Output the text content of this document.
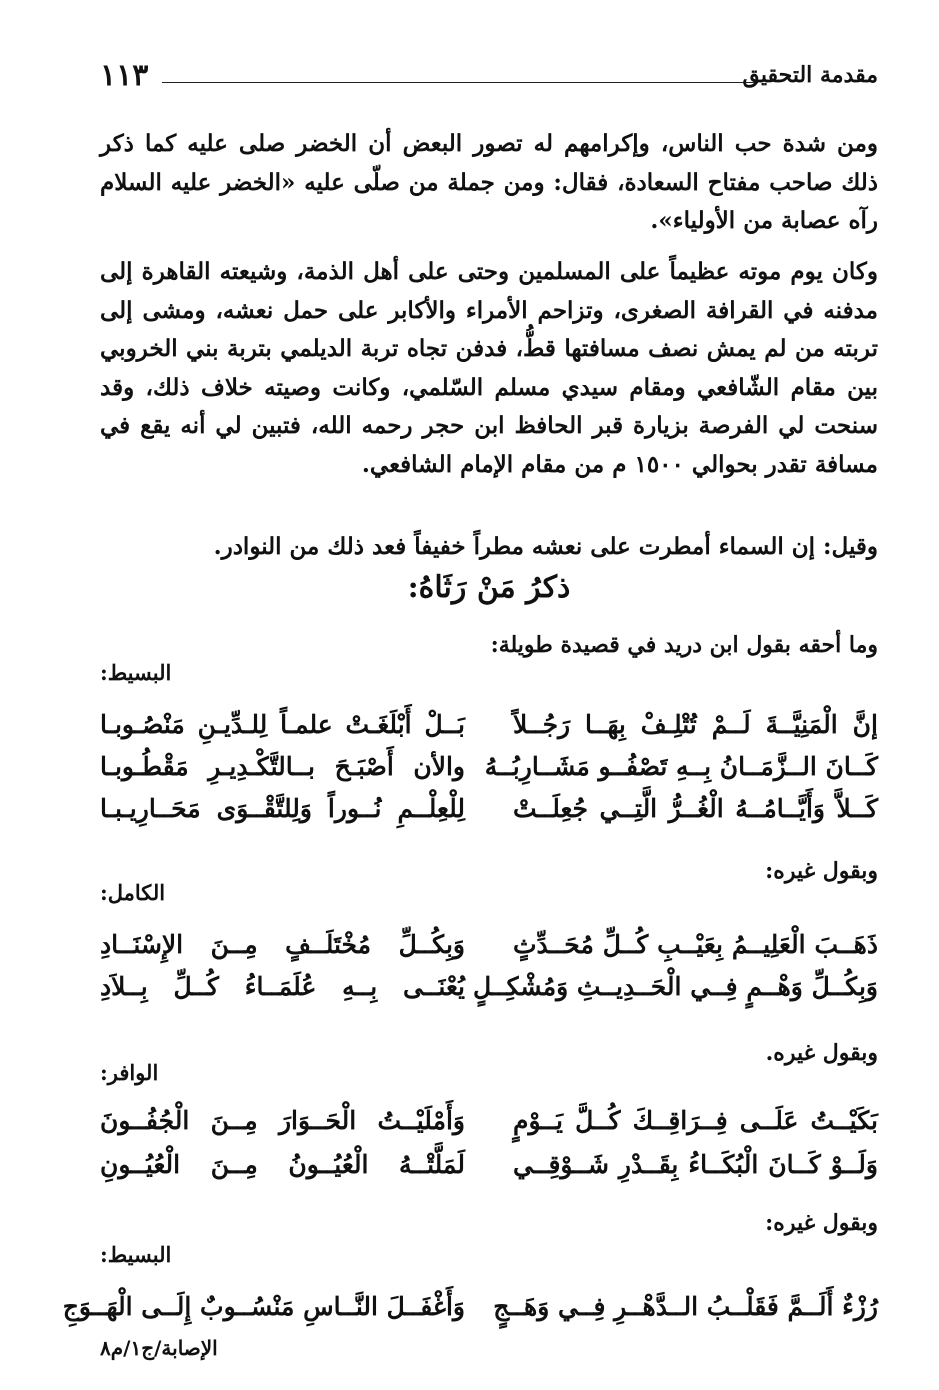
١١٣	مقدمة التحقيق
ومن شدة حب الناس، وإكرامهم له تصور البعض أن الخضر صلى عليه كما ذكر ذلك صاحب مفتاح السعادة، فقال: ومن جملة من صلّى عليه «الخضر عليه السلام رآه عصابة من الأولياء».
وكان يوم موته عظيماً على المسلمين وحتى على أهل الذمة، وشيعته القاهرة إلى مدفنه في القرافة الصغرى، وتزاحم الأمراء والأكابر على حمل نعشه، ومشى إلى تربته من لم يمش نصف مسافتها قطُّ، فدفن تجاه تربة الديلمي بتربة بني الخروبي بين مقام الشّافعي ومقام سيدي مسلم السّلمي، وكانت وصيته خلاف ذلك، وقد سنحت لي الفرصة بزيارة قبر الحافظ ابن حجر رحمه الله، فتبين لي أنه يقع في مسافة تقدر بحوالي ١٥٠٠ م من مقام الإمام الشافعي.
وقيل: إن السماء أمطرت على نعشه مطراً خفيفاً فعد ذلك من النوادر.
ذكرُ مَنْ رَثَاهُ:
وما أحقه بقول ابن دريد في قصيدة طويلة:
البسيط:
إنَّ الْمَنِيَّــةَ لَــمْ تُتْلِـفْ بِهَــا رَجُــلاً
بَــلْ أَبْلَغَـتْ علمـاً لِلـدِّيـنِ مَنْصُـوبـا
كَــانَ الــزَّمَــانُ بِــهِ تَصْفُــو مَشَــارِبُــهُ
والأن أَصْبَـحَ بــالتَّكْـدِيـرِ مَقْطُـوبـا
كَــلاَّ وَأَيَّــامُــهُ الْغُــرُّ الَّتِــي جُعِلَــتْ
لِلْعِلْــمِ نُــوراً وَلِلتَّقْــوَى مَحَــارِيـبـا
وبقول غيره:
الكامل:
ذَهَــبَ الْعَلِيــمُ بِعَيْــبِ كُــلِّ مُحَــدِّثٍ
وَبِكُــلِّ مُخْتَلَــفٍ مِــنَ الإِسْنَــادِ
وَبِكُــلِّ وَهْــمٍ فِــي الْحَــدِيــثِ وَمُشْكِــلٍ
يُعْنَــى بِــهِ عُلَمَــاءُ كُــلِّ بِــلاَدِ
وبقول غيره.
الوافر:
بَكَيْــتُ عَلَــى فِــرَاقِــكَ كُــلَّ يَــوْمٍ
وَأَمْلَيْــتُ الْحَــوَارَ مِــنَ الْجُفُــونَ
وَلَــوْ كَــانَ الْبُكَــاءُ بِقَــدْرِ شَــوْقِــي
لَمَلَّتْــهُ الْعُيُــونُ مِــنَ الْعُيُــونِ
وبقول غيره:
البسيط:
رُزْءٌ أَلَــمَّ فَقَلْــبُ الــدَّهْــرِ فِــي وَهَــجٍ
وَأَغْفَــلَ النَّــاسِ مَنْسُــوبٌ إِلَــى الْهَــوَجِ
الإصابة/ج١/م٨
